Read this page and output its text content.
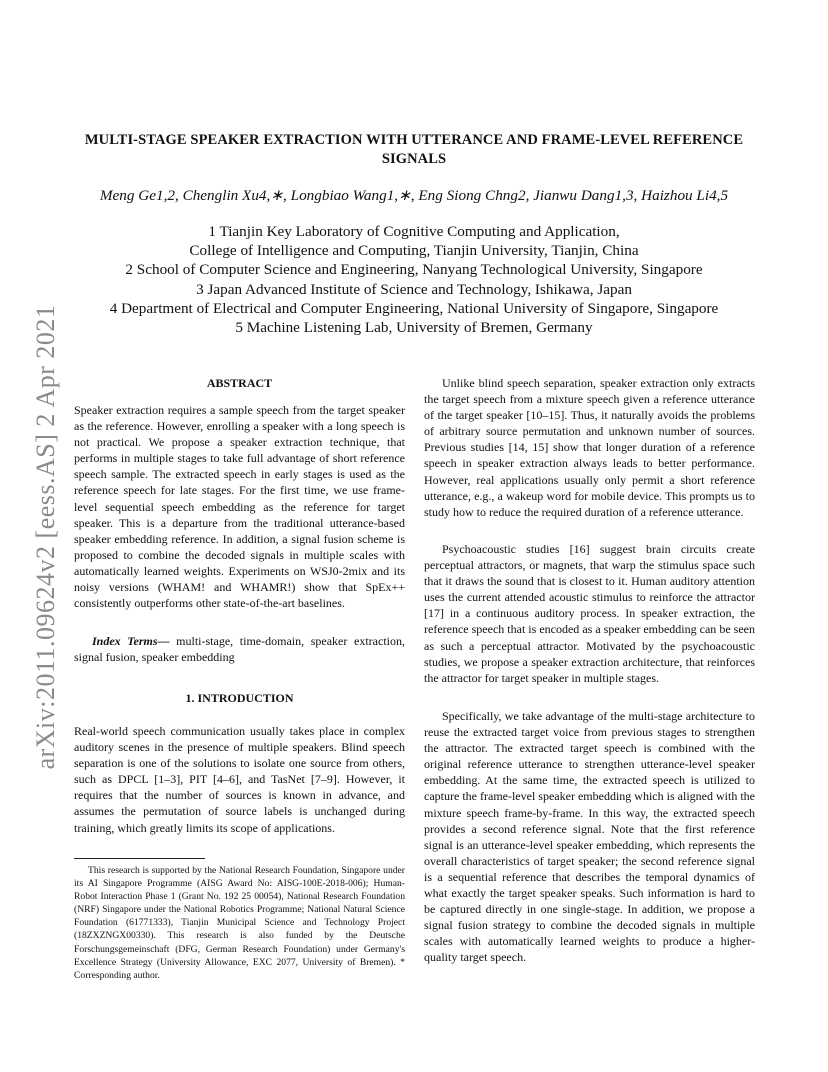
arXiv:2011.09624v2 [eess.AS] 2 Apr 2021
MULTI-STAGE SPEAKER EXTRACTION WITH UTTERANCE AND FRAME-LEVEL REFERENCE SIGNALS
Meng Ge1,2, Chenglin Xu4,∗, Longbiao Wang1,∗, Eng Siong Chng2, Jianwu Dang1,3, Haizhou Li4,5
1 Tianjin Key Laboratory of Cognitive Computing and Application,
College of Intelligence and Computing, Tianjin University, Tianjin, China
2 School of Computer Science and Engineering, Nanyang Technological University, Singapore
3 Japan Advanced Institute of Science and Technology, Ishikawa, Japan
4 Department of Electrical and Computer Engineering, National University of Singapore, Singapore
5 Machine Listening Lab, University of Bremen, Germany
ABSTRACT
Speaker extraction requires a sample speech from the target speaker as the reference. However, enrolling a speaker with a long speech is not practical. We propose a speaker extraction technique, that performs in multiple stages to take full advantage of short reference speech sample. The extracted speech in early stages is used as the reference speech for late stages. For the first time, we use frame-level sequential speech embedding as the reference for target speaker. This is a departure from the traditional utterance-based speaker embedding reference. In addition, a signal fusion scheme is proposed to combine the decoded signals in multiple scales with automatically learned weights. Experiments on WSJ0-2mix and its noisy versions (WHAM! and WHAMR!) show that SpEx++ consistently outperforms other state-of-the-art baselines.
Index Terms— multi-stage, time-domain, speaker extraction, signal fusion, speaker embedding
1. INTRODUCTION
Real-world speech communication usually takes place in complex auditory scenes in the presence of multiple speakers. Blind speech separation is one of the solutions to isolate one source from others, such as DPCL [1–3], PIT [4–6], and TasNet [7–9]. However, it requires that the number of sources is known in advance, and assumes the permutation of source labels is unchanged during training, which greatly limits its scope of applications.
This research is supported by the National Research Foundation, Singapore under its AI Singapore Programme (AISG Award No: AISG-100E-2018-006); Human-Robot Interaction Phase 1 (Grant No. 192 25 00054), National Research Foundation (NRF) Singapore under the National Robotics Programme; National Natural Science Foundation (61771333), Tianjin Municipal Science and Technology Project (18ZXZNGX00330). This research is also funded by the Deutsche Forschungsgemeinschaft (DFG, German Research Foundation) under Germany's Excellence Strategy (University Allowance, EXC 2077, University of Bremen). * Corresponding author.
Unlike blind speech separation, speaker extraction only extracts the target speech from a mixture speech given a reference utterance of the target speaker [10–15]. Thus, it naturally avoids the problems of arbitrary source permutation and unknown number of sources. Previous studies [14, 15] show that longer duration of a reference speech in speaker extraction always leads to better performance. However, real applications usually only permit a short reference utterance, e.g., a wakeup word for mobile device. This prompts us to study how to reduce the required duration of a reference utterance.
Psychoacoustic studies [16] suggest brain circuits create perceptual attractors, or magnets, that warp the stimulus space such that it draws the sound that is closest to it. Human auditory attention uses the current attended acoustic stimulus to reinforce the attractor [17] in a continuous auditory process. In speaker extraction, the reference speech that is encoded as a speaker embedding can be seen as such a perceptual attractor. Motivated by the psychoacoustic studies, we propose a speaker extraction architecture, that reinforces the attractor for target speaker in multiple stages.
Specifically, we take advantage of the multi-stage architecture to reuse the extracted target voice from previous stages to strengthen the attractor. The extracted target speech is combined with the original reference utterance to strengthen utterance-level speaker embedding. At the same time, the extracted speech is utilized to capture the frame-level speaker embedding which is aligned with the mixture speech frame-by-frame. In this way, the extracted speech provides a second reference signal. Note that the first reference signal is an utterance-level speaker embedding, which represents the overall characteristics of target speaker; the second reference signal is a sequential reference that describes the temporal dynamics of what exactly the target speaker speaks. Such information is hard to be captured directly in one single-stage. In addition, we propose a signal fusion strategy to combine the decoded signals in multiple scales with automatically learned weights to produce a higher-quality target speech.
